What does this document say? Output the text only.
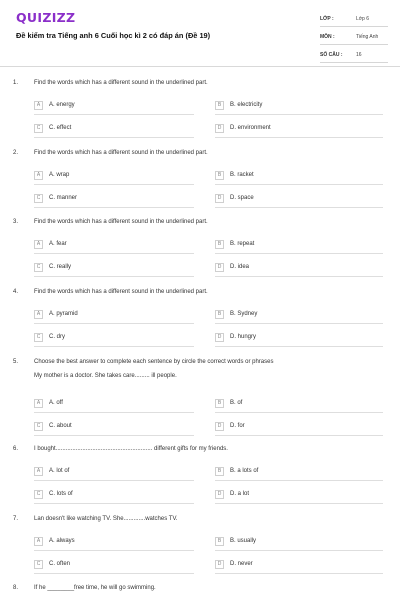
QUIZIZZ
Đề kiểm tra Tiếng anh 6 Cuối học kì 2 có đáp án (Đề 19)
LỚP :	Lớp 6
MÔN :	Tiếng Anh
SỐ CÂU :	16
1.	Find the words which has a different sound in the underlined part.
A	A. energy	B	B. electricity
C	C. effect	D	D. environment
2.	Find the words which has a different sound in the underlined part.
A	A. wrap	B	B. racket
C	C. manner	D	D. space
3.	Find the words which has a different sound in the underlined part.
A	A. fear	B	B. repeat
C	C. really	D	D. idea
4.	Find the words which has a different sound in the underlined part.
A	A. pyramid	B	B. Sydney
C	C. dry	D	D. hungry
5.	Choose the best answer to complete each sentence by circle the correct words or phrases
My mother is a doctor. She takes care......... ill people.
A	A. off	B	B. of
C	C. about	D	D. for
6.	I bought.......................................................... different gifts for my friends.
A	A. lot of	B	B. a lots of
C	C. lots of	D	D. a lot
7.	Lan doesn't like watching TV. She.............watches TV.
A	A. always	B	B. usually
C	C. often	D	D. never
8.	If he ________free time, he will go swimming.
